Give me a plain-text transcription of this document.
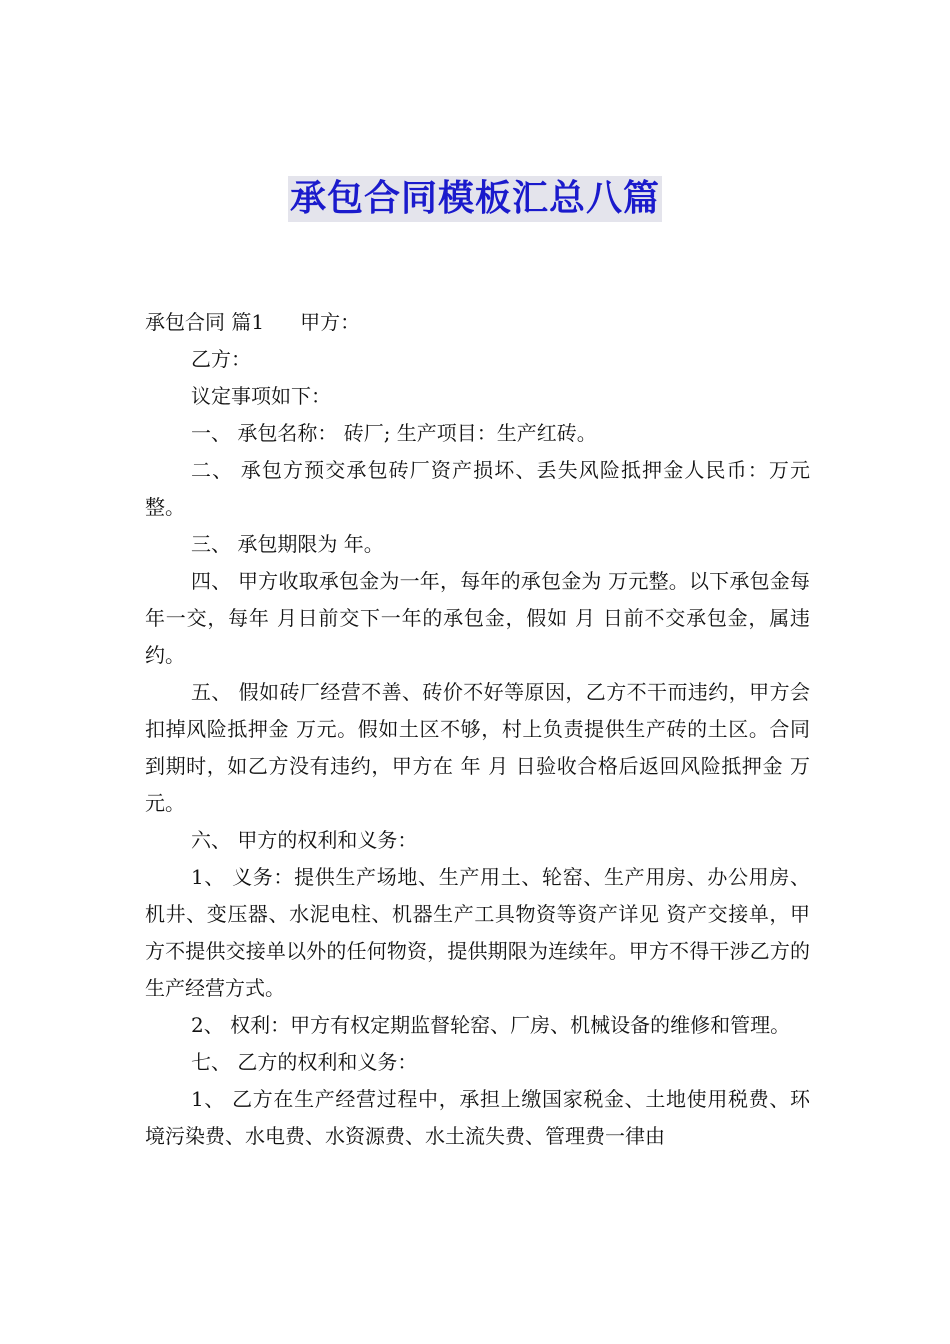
承包合同模板汇总八篇

承包合同 篇1 甲方：

乙方：

议定事项如下：

一、 承包名称： 砖厂; 生产项目：生产红砖。

二、 承包方预交承包砖厂资产损坏、丢失风险抵押金人民币：万元整。

三、 承包期限为 年。

四、 甲方收取承包金为一年，每年的承包金为 万元整。以下承包金每年一交，每年 月日前交下一年的承包金，假如 月 日前不交承包金，属违约。

五、 假如砖厂经营不善、砖价不好等原因，乙方不干而违约，甲方会扣掉风险抵押金 万元。假如土区不够，村上负责提供生产砖的土区。合同到期时，如乙方没有违约，甲方在 年 月 日验收合格后返回风险抵押金 万元。

六、 甲方的权利和义务：

1、 义务：提供生产场地、生产用土、轮窑、生产用房、办公用房、机井、变压器、水泥电柱、机器生产工具物资等资产详见 资产交接单，甲方不提供交接单以外的任何物资，提供期限为连续年。甲方不得干涉乙方的生产经营方式。

2、 权利：甲方有权定期监督轮窑、厂房、机械设备的维修和管理。

七、 乙方的权利和义务：

1、 乙方在生产经营过程中，承担上缴国家税金、土地使用税费、环境污染费、水电费、水资源费、水土流失费、管理费一律由
